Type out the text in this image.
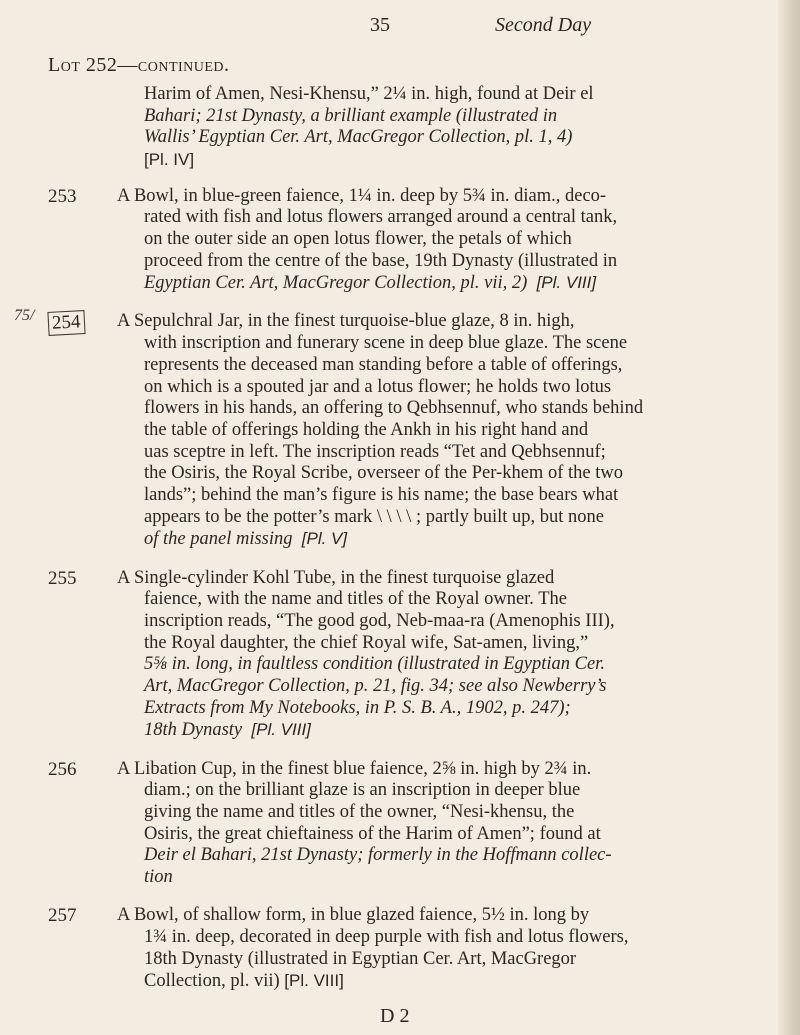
35	Second Day
Lot 252—continued.
Harim of Amen, Nesi-Khensu,” 2¼ in. high, found at Deir el
Bahari; 21st Dynasty, a brilliant example (illustrated in
Wallis’ Egyptian Cer. Art, MacGregor Collection, pl. 1, 4)
[Pl. IV]
253	A Bowl, in blue-green faience, 1¼ in. deep by 5¾ in. diam., deco-

rated with fish and lotus flowers arranged around a central tank,
on the outer side an open lotus flower, the petals of which
proceed from the centre of the base, 19th Dynasty (illustrated in
Egyptian Cer. Art, MacGregor Collection, pl. vii, 2) [Pl. VIII]
254	A Sepulchral Jar, in the finest turquoise-blue glaze, 8 in. high,

with inscription and funerary scene in deep blue glaze. The scene
represents the deceased man standing before a table of offerings,
on which is a spouted jar and a lotus flower; he holds two lotus
flowers in his hands, an offering to Qebhsennuf, who stands behind
the table of offerings holding the Ankh in his right hand and
uas sceptre in left. The inscription reads “Tet and Qebhsennuf;
the Osiris, the Royal Scribe, overseer of the Per-khem of the two
lands”; behind the man’s figure is his name; the base bears what
appears to be the potter’s mark \ \ \ \ ; partly built up, but none
of the panel missing [Pl. V]
75/
255	A Single-cylinder Kohl Tube, in the finest turquoise glazed

faience, with the name and titles of the Royal owner. The
inscription reads, “The good god, Neb-maa-ra (Amenophis III),
the Royal daughter, the chief Royal wife, Sat-amen, living,”
5⅝ in. long, in faultless condition (illustrated in Egyptian Cer.
Art, MacGregor Collection, p. 21, fig. 34; see also Newberry’s
Extracts from My Notebooks, in P. S. B. A., 1902, p. 247);
18th Dynasty [Pl. VIII]
256	A Libation Cup, in the finest blue faience, 2⅝ in. high by 2¾ in.

diam.; on the brilliant glaze is an inscription in deeper blue
giving the name and titles of the owner, “Nesi-khensu, the
Osiris, the great chieftainess of the Harim of Amen”; found at
Deir el Bahari, 21st Dynasty; formerly in the Hoffmann collec-
tion
D 2
257	A Bowl, of shallow form, in blue glazed faience, 5½ in. long by

1¾ in. deep, decorated in deep purple with fish and lotus flowers,
18th Dynasty (illustrated in Egyptian Cer. Art, MacGregor
Collection, pl. vii) [Pl. VIII]
